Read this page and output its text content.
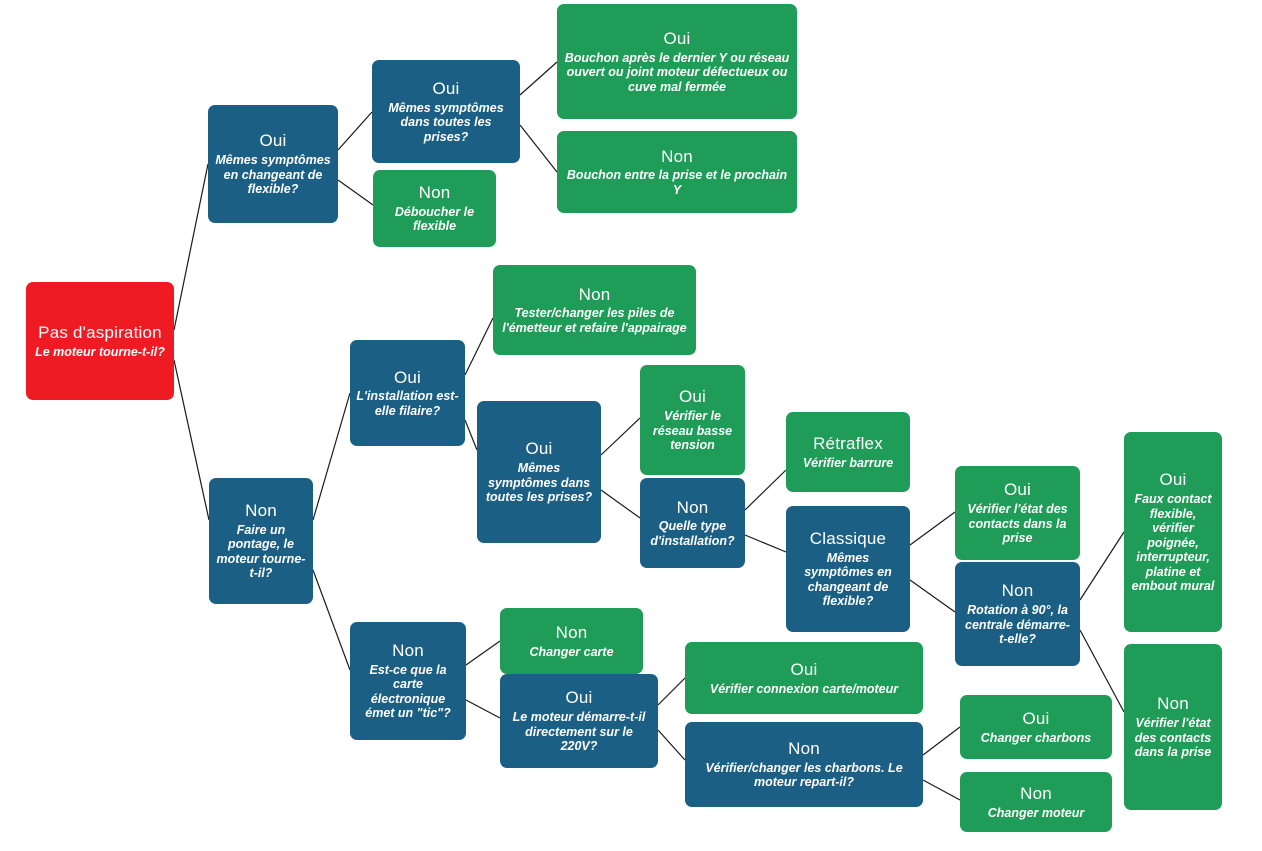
Pas d'aspiration
Le moteur tourne-t-il?
Oui
Mêmes symptômes en changeant de flexible?
Oui
Mêmes symptômes dans toutes les prises?
Non
Déboucher le flexible
Oui
Bouchon après le dernier Y ou réseau ouvert ou joint moteur défectueux ou cuve mal fermée
Non
Bouchon entre la prise et le prochain Y
Non
Faire un pontage, le moteur tourne-t-il?
Oui
L'installation est-elle filaire?
Non
Tester/changer les piles de l'émetteur et refaire l'appairage
Oui
Mêmes symptômes dans toutes les prises?
Oui
Vérifier le réseau basse tension
Non
Quelle type d'installation?
Rétraflex
Vérifier barrure
Classique
Mêmes symptômes en changeant de flexible?
Oui
Vérifier l'état des contacts dans la prise
Non
Rotation à 90°, la centrale démarre-t-elle?
Oui
Faux contact flexible, vérifier poignée, interrupteur, platine et embout mural
Non
Vérifier l'état des contacts dans la prise
Non
Est-ce que la carte électronique émet un "tic"?
Non
Changer carte
Oui
Le moteur démarre-t-il directement sur le 220V?
Oui
Vérifier connexion carte/moteur
Non
Vérifier/changer les charbons. Le moteur repart-il?
Oui
Changer charbons
Non
Changer moteur
